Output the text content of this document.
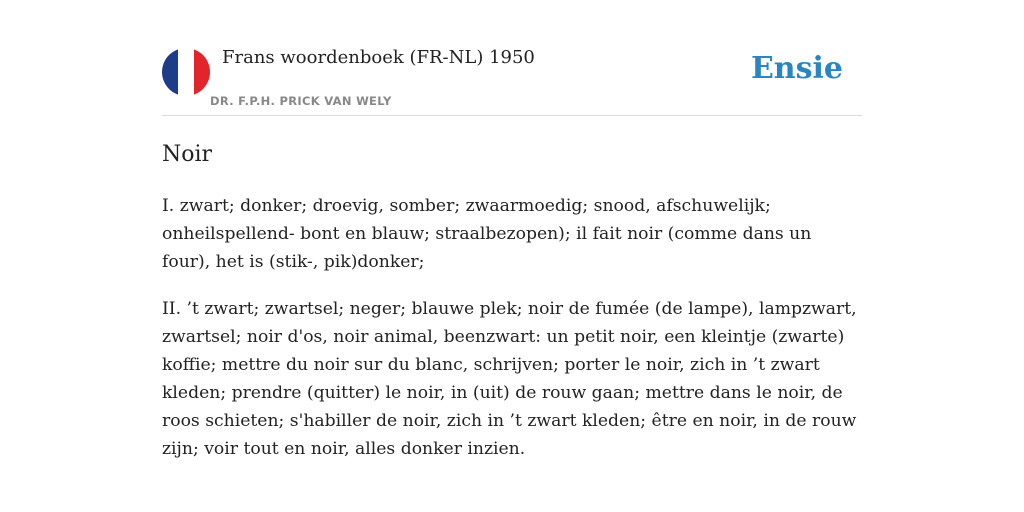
Frans woordenboek (FR-NL) 1950
DR. F.P.H. PRICK VAN WELY
Ensie
Noir

I. zwart; donker; droevig, somber; zwaarmoedig; snood, afschuwelijk; onheilspellend- bont en blauw; straalbezopen); il fait noir (comme dans un four), het is (stik-, pik)donker;

II. ’t zwart; zwartsel; neger; blauwe plek; noir de fumée (de lampe), lampzwart, zwartsel; noir d'os, noir animal, beenzwart: un petit noir, een kleintje (zwarte) koffie; mettre du noir sur du blanc, schrijven; porter le noir, zich in ’t zwart kleden; prendre (quitter) le noir, in (uit) de rouw gaan; mettre dans le noir, de roos schieten; s'habiller de noir, zich in ’t zwart kleden; être en noir, in de rouw zijn; voir tout en noir, alles donker inzien.
